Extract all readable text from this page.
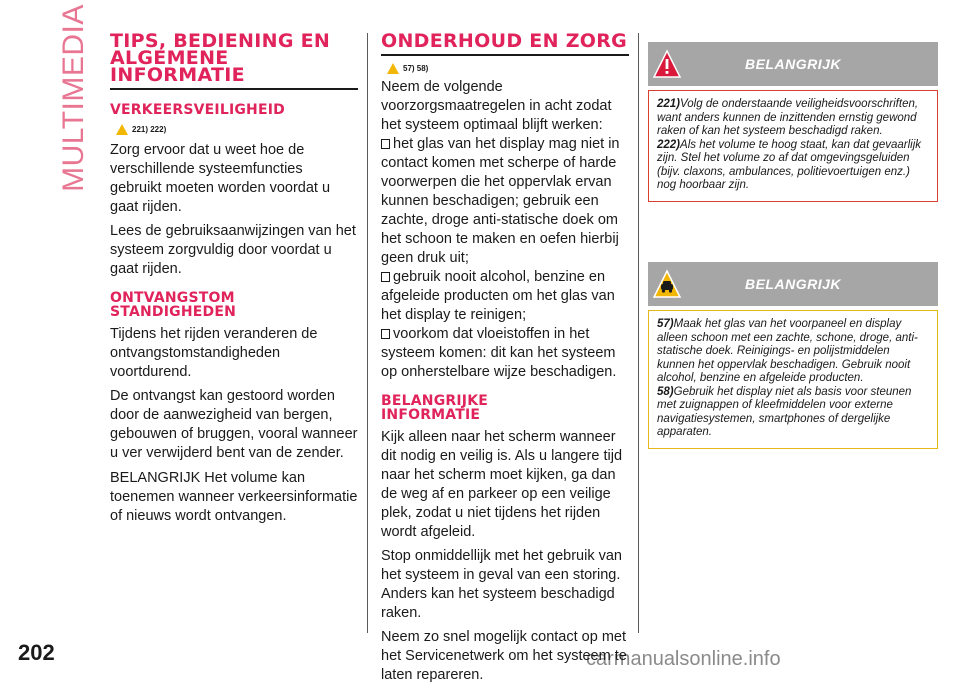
MULTIMEDIA
202	carmanualsonline.info
TIPS, BEDIENING EN
ALGEMENE
INFORMATIE
VERKEERSVEILIGHEID
221) 222)

Zorg ervoor dat u weet hoe de verschillende systeemfuncties gebruikt moeten worden voordat u gaat rijden.

Lees de gebruiksaanwijzingen van het systeem zorgvuldig door voordat u gaat rijden.

ONTVANGSTOM
STANDIGHEDEN

Tijdens het rijden veranderen de ontvangstomstandigheden voortdurend.

De ontvangst kan gestoord worden door de aanwezigheid van bergen, gebouwen of bruggen, vooral wanneer u ver verwijderd bent van de zender.

BELANGRIJK Het volume kan toenemen wanneer verkeersinformatie of nieuws wordt ontvangen.

ONDERHOUD EN ZORG
57) 58)

Neem de volgende voorzorgsmaatregelen in acht zodat het systeem optimaal blijft werken:

het glas van het display mag niet in contact komen met scherpe of harde voorwerpen die het oppervlak ervan kunnen beschadigen; gebruik een zachte, droge anti-statische doek om het schoon te maken en oefen hierbij geen druk uit;

gebruik nooit alcohol, benzine en afgeleide producten om het glas van het display te reinigen;

voorkom dat vloeistoffen in het systeem komen: dit kan het systeem op onherstelbare wijze beschadigen.

BELANGRIJKE
INFORMATIE

Kijk alleen naar het scherm wanneer dit nodig en veilig is. Als u langere tijd naar het scherm moet kijken, ga dan de weg af en parkeer op een veilige plek, zodat u niet tijdens het rijden wordt afgeleid.

Stop onmiddellijk met het gebruik van het systeem in geval van een storing. Anders kan het systeem beschadigd raken.

Neem zo snel mogelijk contact op met het Servicenetwerk om het systeem te laten repareren.

BELANGRIJK
221)Volg de onderstaande veiligheidsvoorschriften, want anders kunnen de inzittenden ernstig gewond raken of kan het systeem beschadigd raken.
222)Als het volume te hoog staat, kan dat gevaarlijk zijn. Stel het volume zo af dat omgevingsgeluiden (bijv. claxons, ambulances, politievoertuigen enz.) nog hoorbaar zijn.
BELANGRIJK
57)Maak het glas van het voorpaneel en display alleen schoon met een zachte, schone, droge, anti-statische doek. Reinigings- en polijstmiddelen kunnen het oppervlak beschadigen. Gebruik nooit alcohol, benzine en afgeleide producten.
58)Gebruik het display niet als basis voor steunen met zuignappen of kleefmiddelen voor externe navigatiesystemen, smartphones of dergelijke apparaten.
